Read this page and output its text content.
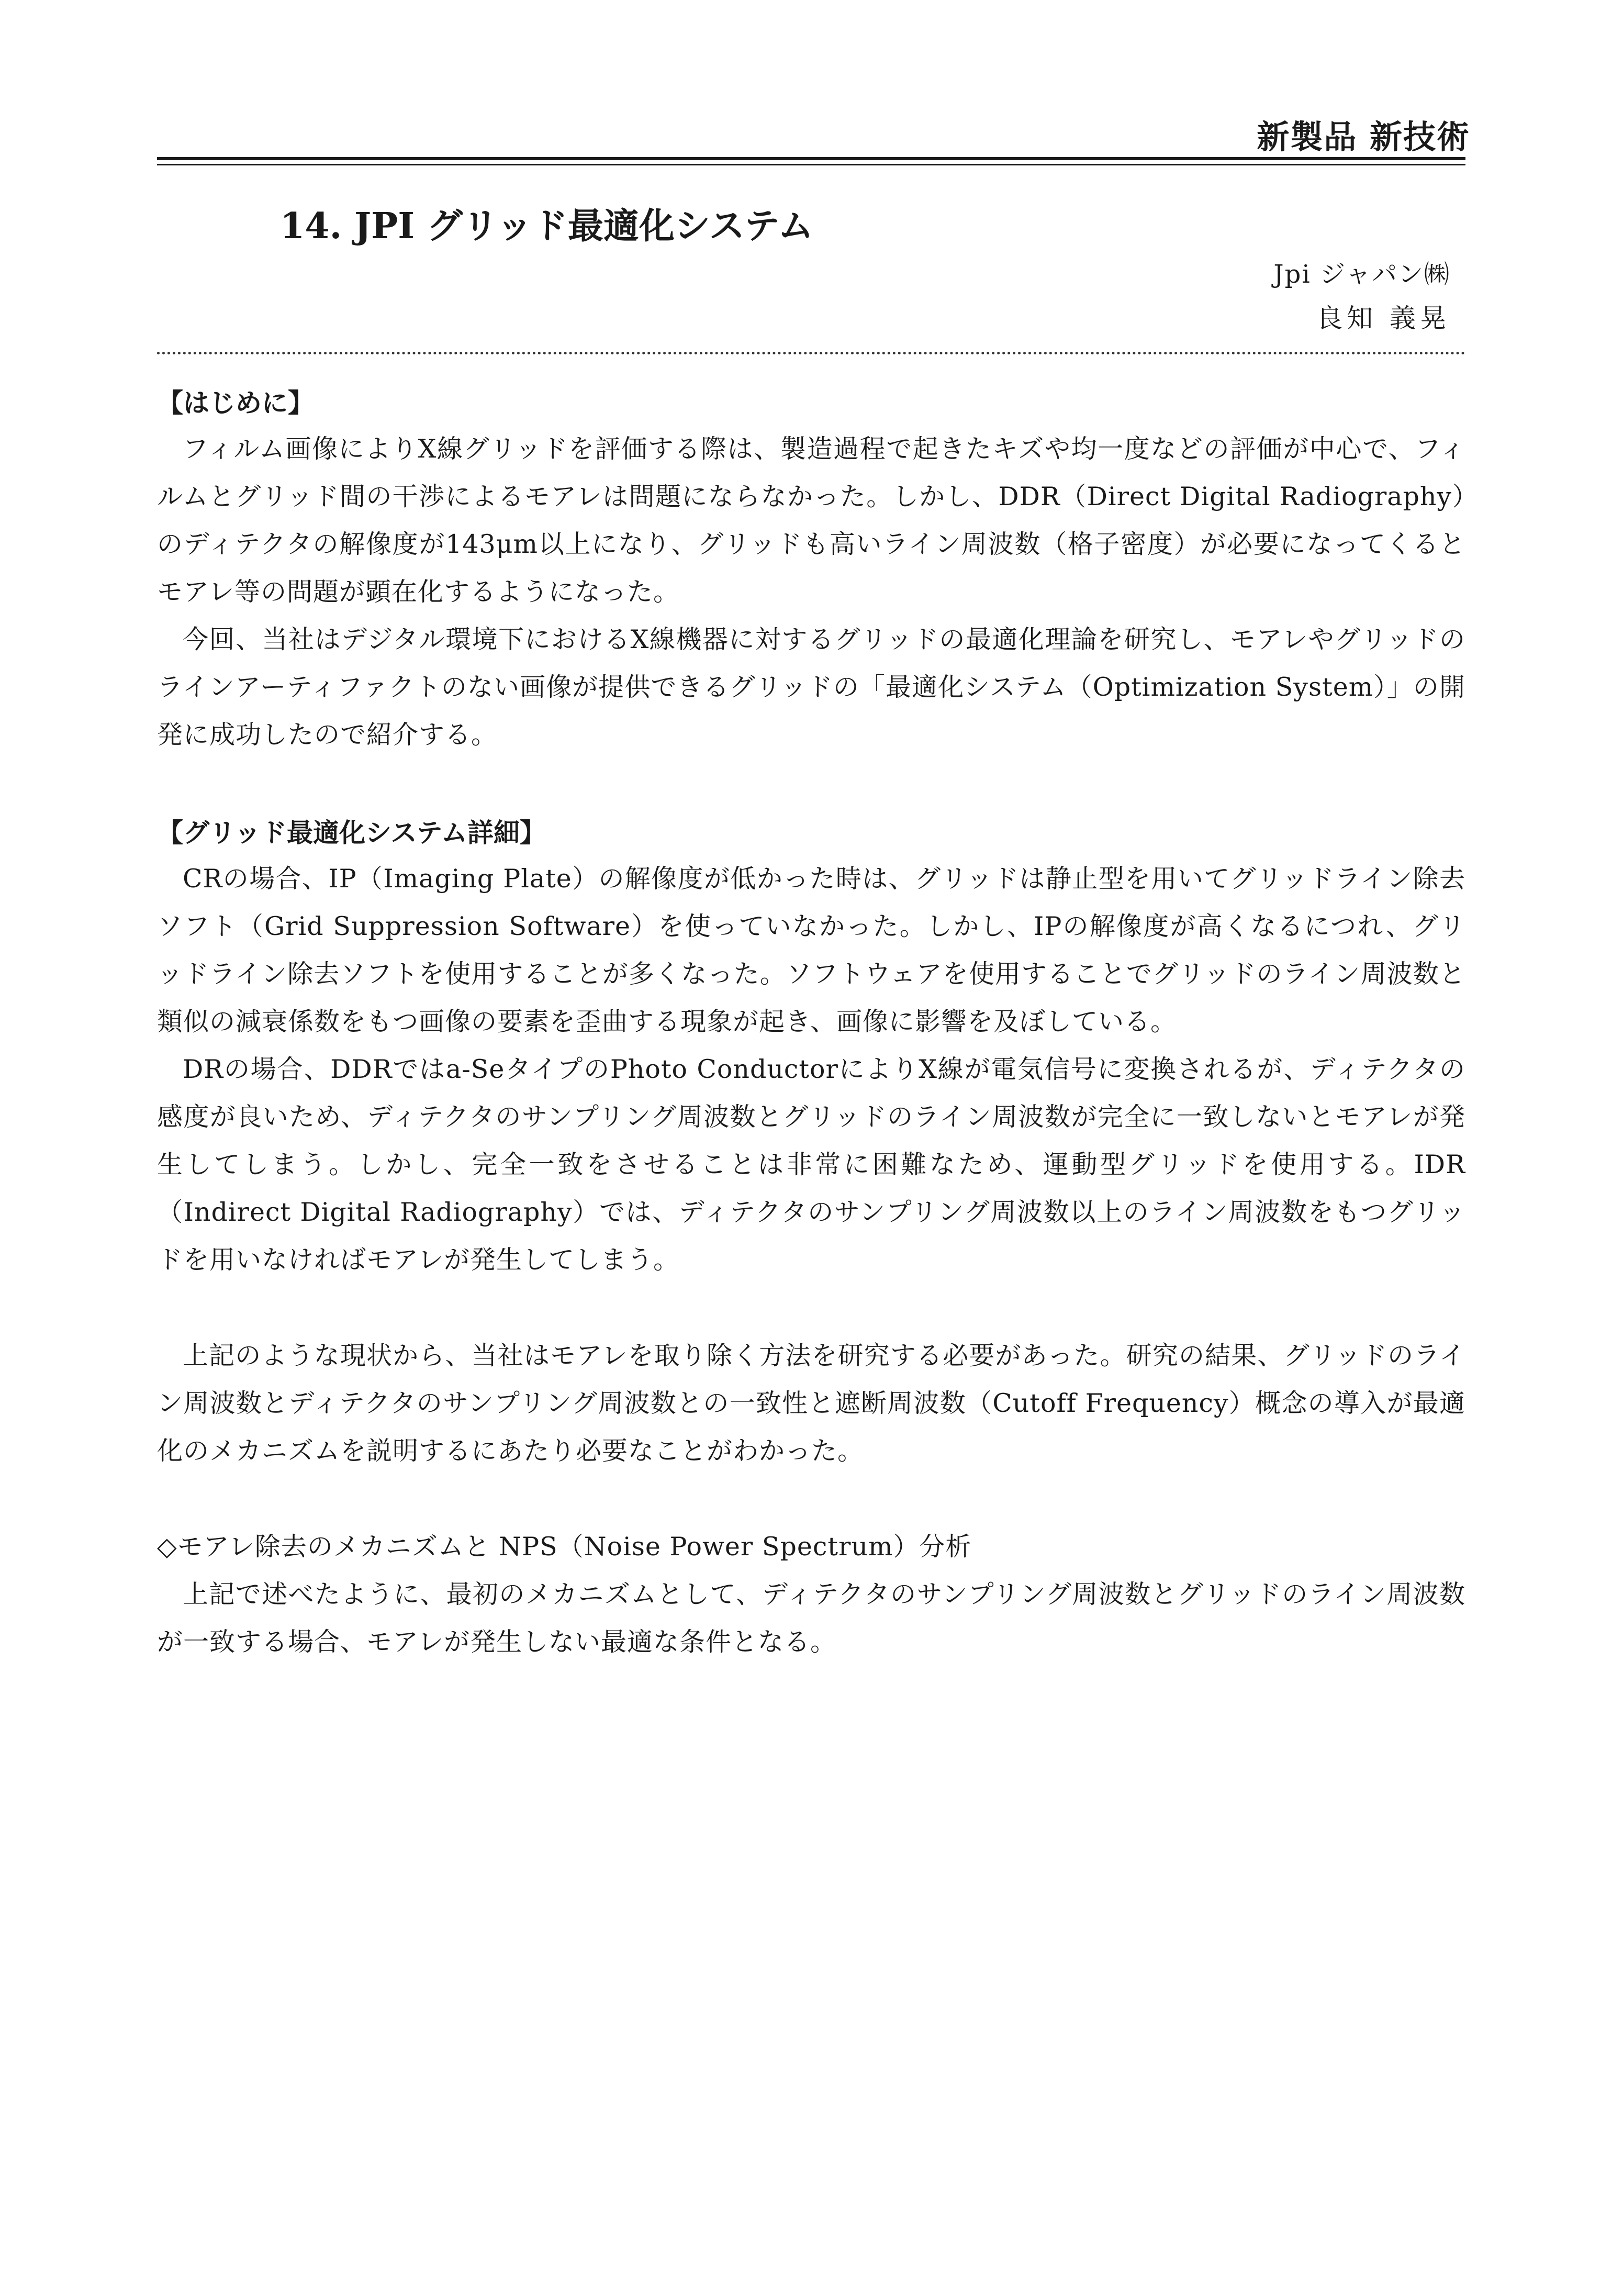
新製品 新技術
14. JPI グリッド最適化システム
Jpi ジャパン㈱
良知 義晃

【はじめに】

フィルム画像によりX線グリッドを評価する際は、製造過程で起きたキズや均一度などの評価が中心で、フィルムとグリッド間の干渉によるモアレは問題にならなかった。しかし、DDR（Direct Digital Radiography）のディテクタの解像度が143μm以上になり、グリッドも高いライン周波数（格子密度）が必要になってくるとモアレ等の問題が顕在化するようになった。

今回、当社はデジタル環境下におけるX線機器に対するグリッドの最適化理論を研究し、モアレやグリッドのラインアーティファクトのない画像が提供できるグリッドの「最適化システム（Optimization System）」の開発に成功したので紹介する。

【グリッド最適化システム詳細】

CRの場合、IP（Imaging Plate）の解像度が低かった時は、グリッドは静止型を用いてグリッドライン除去ソフト（Grid Suppression Software）を使っていなかった。しかし、IPの解像度が高くなるにつれ、グリッドライン除去ソフトを使用することが多くなった。ソフトウェアを使用することでグリッドのライン周波数と類似の減衰係数をもつ画像の要素を歪曲する現象が起き、画像に影響を及ぼしている。

DRの場合、DDRではa-SeタイプのPhoto ConductorによりX線が電気信号に変換されるが、ディテクタの感度が良いため、ディテクタのサンプリング周波数とグリッドのライン周波数が完全に一致しないとモアレが発生してしまう。しかし、完全一致をさせることは非常に困難なため、運動型グリッドを使用する。IDR（Indirect Digital Radiography）では、ディテクタのサンプリング周波数以上のライン周波数をもつグリッドを用いなければモアレが発生してしまう。

上記のような現状から、当社はモアレを取り除く方法を研究する必要があった。研究の結果、グリッドのライン周波数とディテクタのサンプリング周波数との一致性と遮断周波数（Cutoff Frequency）概念の導入が最適化のメカニズムを説明するにあたり必要なことがわかった。

◇モアレ除去のメカニズムと NPS（Noise Power Spectrum）分析

上記で述べたように、最初のメカニズムとして、ディテクタのサンプリング周波数とグリッドのライン周波数が一致する場合、モアレが発生しない最適な条件となる。
